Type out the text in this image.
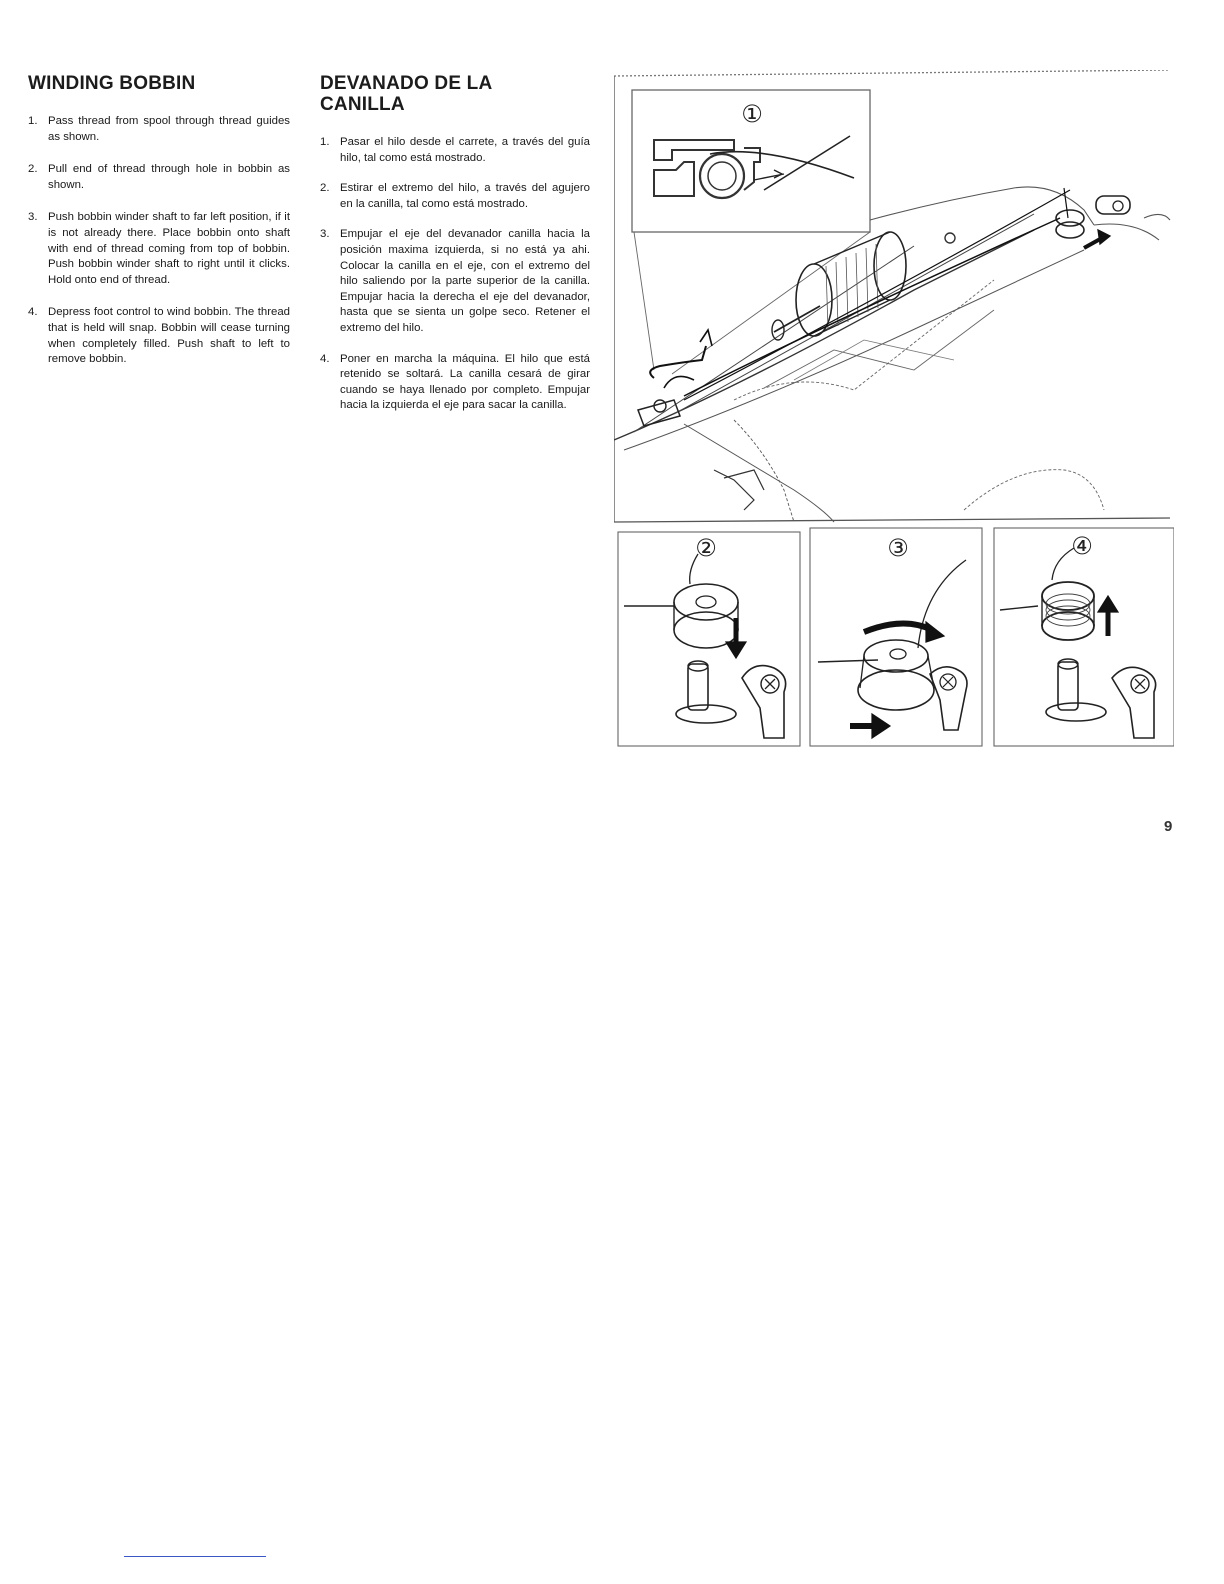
WINDING BOBBIN
1. Pass thread from spool through thread guides as shown.
2. Pull end of thread through hole in bobbin as shown.
3. Push bobbin winder shaft to far left position, if it is not already there. Place bobbin onto shaft with end of thread coming from top of bobbin. Push bobbin winder shaft to right until it clicks. Hold onto end of thread.
4. Depress foot control to wind bobbin. The thread that is held will snap. Bobbin will cease turning when completely filled. Push shaft to left to remove bobbin.
DEVANADO DE LA CANILLA
1. Pasar el hilo desde el carrete, a través del guía hilo, tal como está mostrado.
2. Estirar el extremo del hilo, a través del agujero en la canilla, tal como está mostrado.
3. Empujar el eje del devanador canilla hacia la posición maxima izquierda, si no está ya ahi. Colocar la canilla en el eje, con el extremo del hilo saliendo por la parte superior de la canilla. Empujar hacia la derecha el eje del devanador, hasta que se sienta un golpe seco. Retener el extremo del hilo.
4. Poner en marcha la máquina. El hilo que está retenido se soltará. La canilla cesará de girar cuando se haya llenado por completo. Empujar hacia la izquierda el eje para sacar la canilla.
①
②	③	④
9
